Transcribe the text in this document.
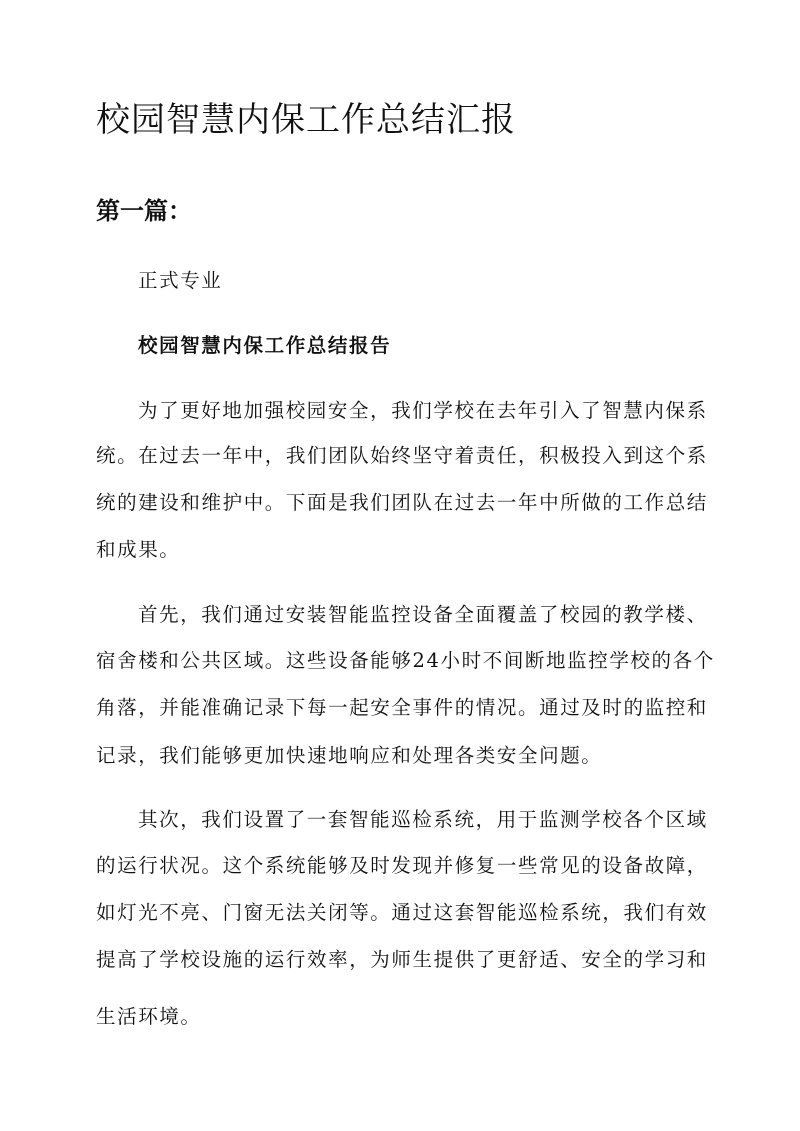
校园智慧内保工作总结汇报
第一篇：

正式专业

校园智慧内保工作总结报告

为了更好地加强校园安全，我们学校在去年引入了智慧内保系

统。在过去一年中，我们团队始终坚守着责任，积极投入到这个系

统的建设和维护中。下面是我们团队在过去一年中所做的工作总结

和成果。

首先，我们通过安装智能监控设备全面覆盖了校园的教学楼、

宿舍楼和公共区域。这些设备能够24小时不间断地监控学校的各个

角落，并能准确记录下每一起安全事件的情况。通过及时的监控和

记录，我们能够更加快速地响应和处理各类安全问题。

其次，我们设置了一套智能巡检系统，用于监测学校各个区域

的运行状况。这个系统能够及时发现并修复一些常见的设备故障，

如灯光不亮、门窗无法关闭等。通过这套智能巡检系统，我们有效

提高了学校设施的运行效率，为师生提供了更舒适、安全的学习和

生活环境。
